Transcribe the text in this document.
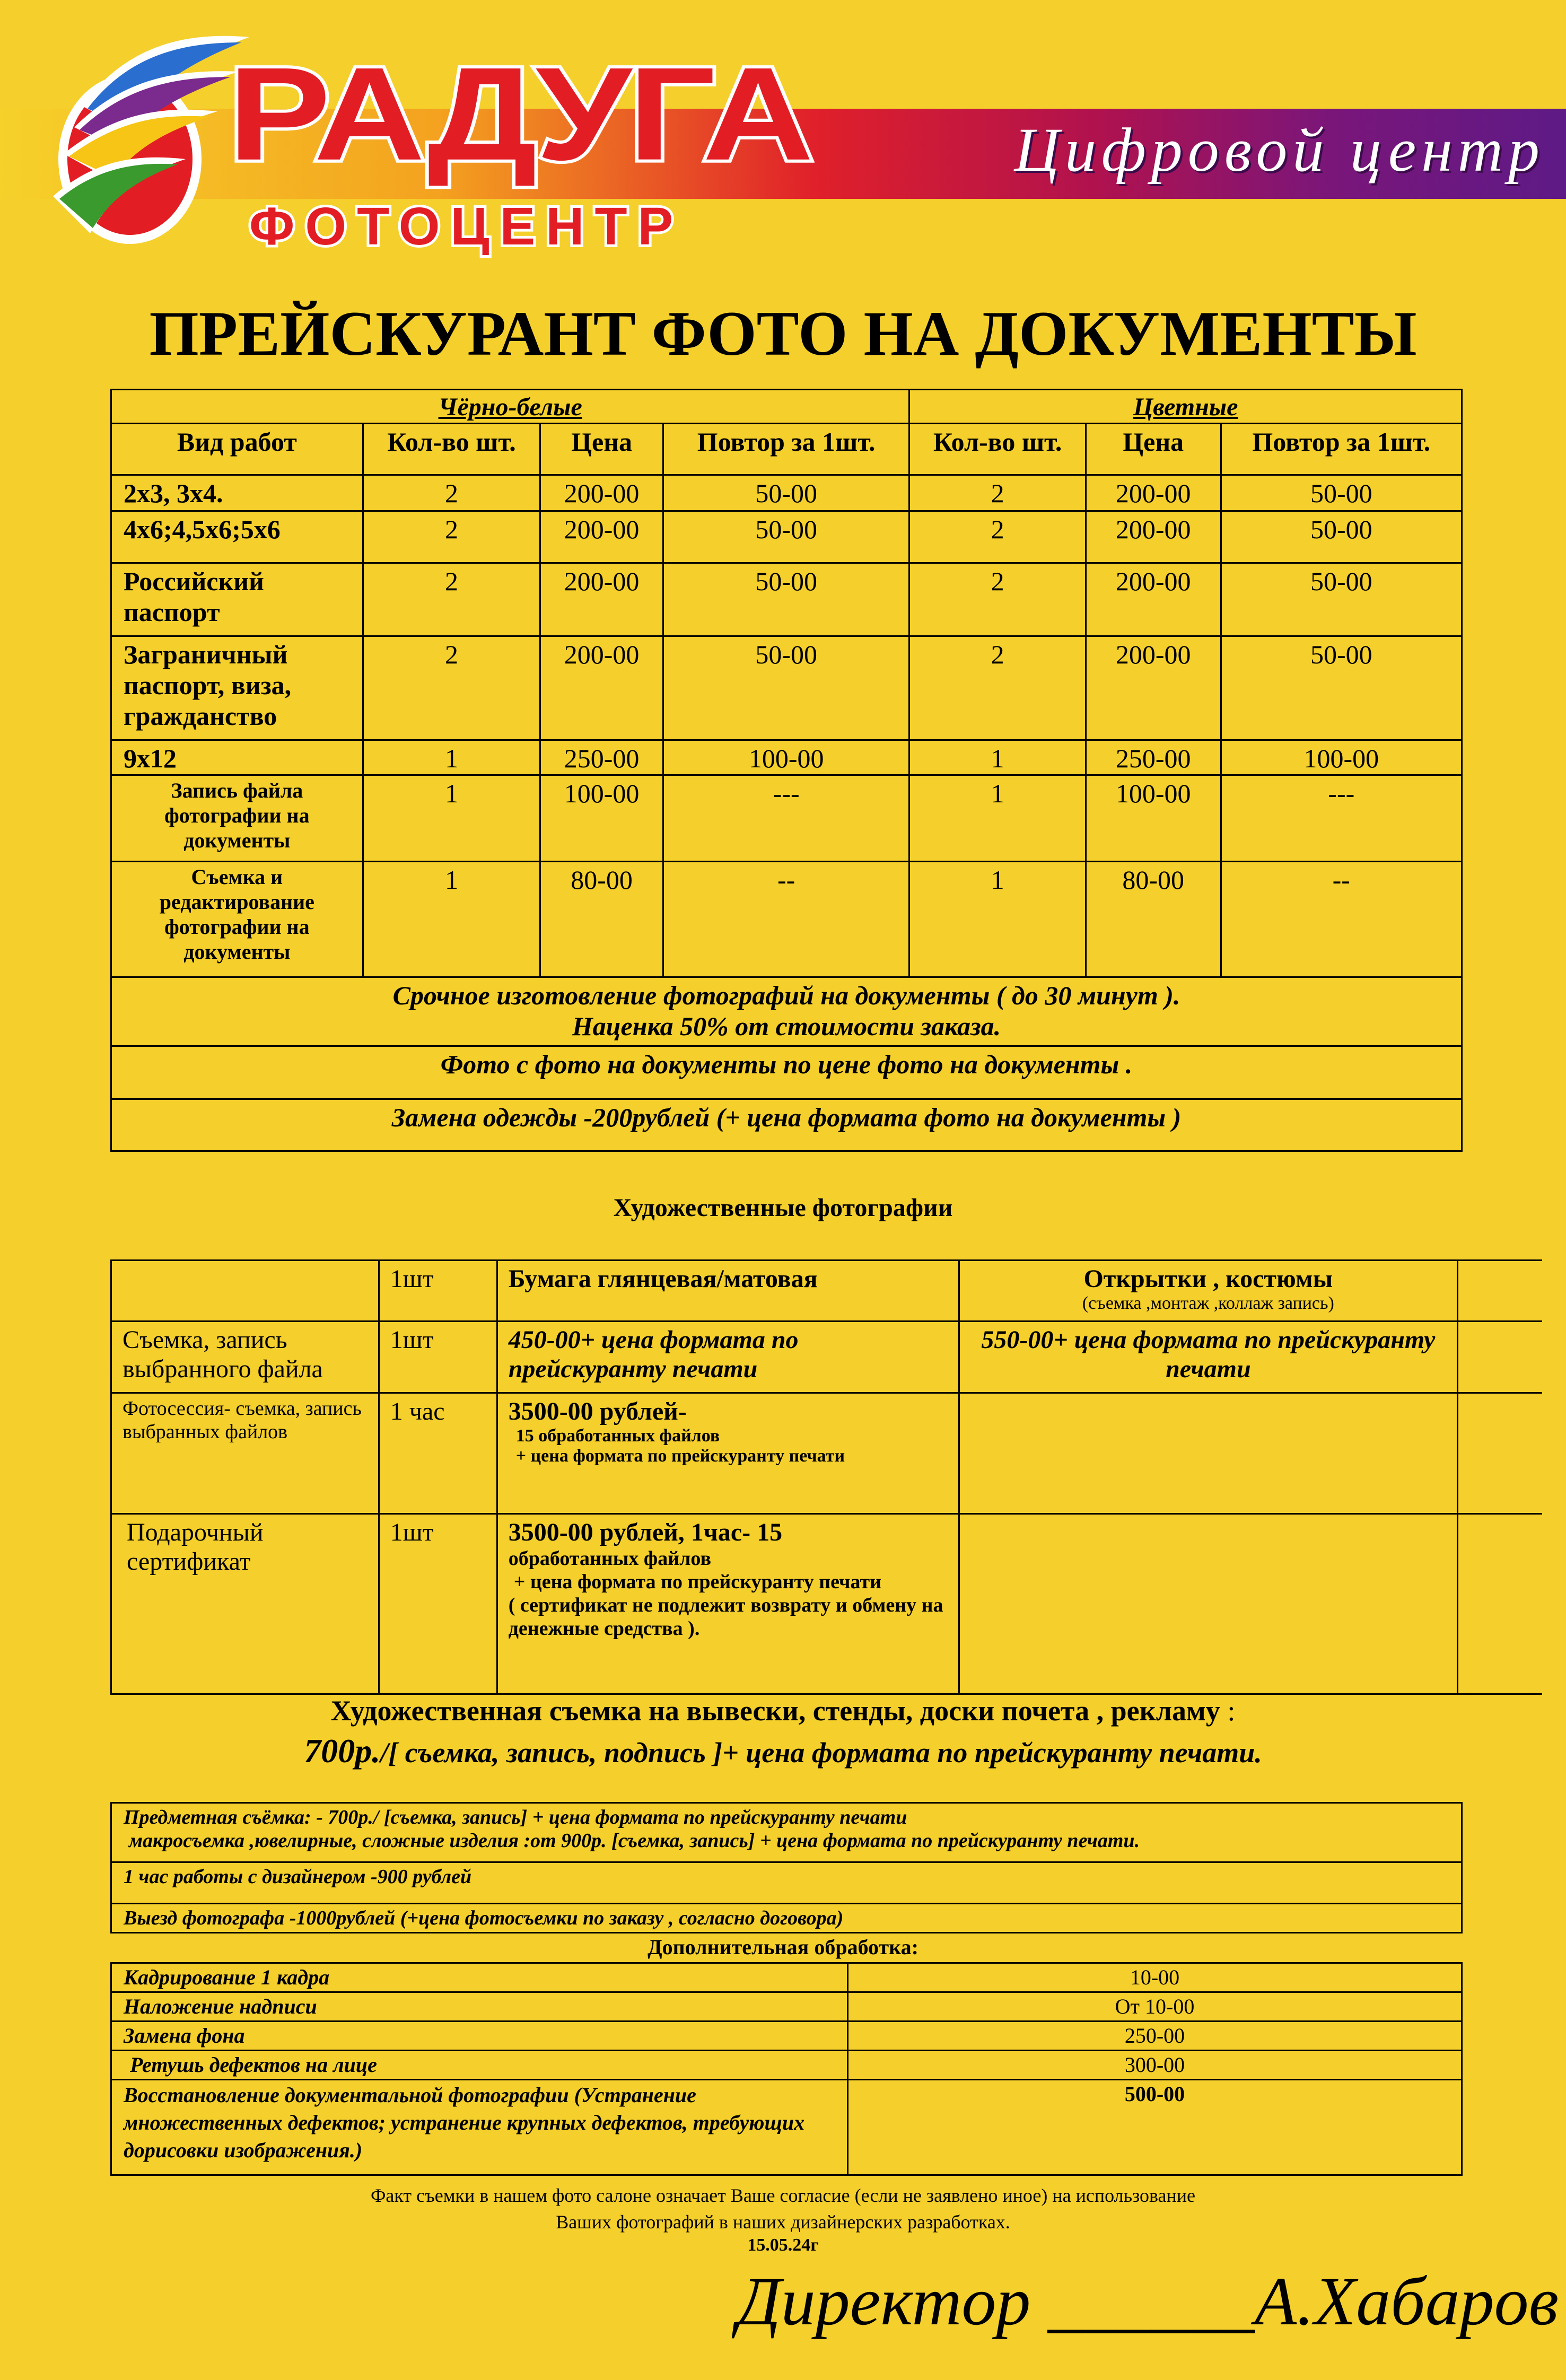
Цифровой центр
РАДУГА
ФОТОЦЕНТР
ПРЕЙСКУРАНТ ФОТО НА ДОКУМЕНТЫ
Чёрно-белые				Цветные		
Вид работ	Кол-во шт.	Цена	Повтор за 1шт.	Кол-во шт.	Цена	Повтор за 1шт.
2х3, 3х4.	2	200-00	50-00	2	200-00	50-00
4х6;4,5х6;5х6	2	200-00	50-00	2	200-00	50-00
Российский паспорт	2	200-00	50-00	2	200-00	50-00
Заграничный паспорт, виза, гражданство	2	200-00	50-00	2	200-00	50-00
9х12	1	250-00	100-00	1	250-00	100-00
Запись файла фотографии на документы	1	100-00	---	1	100-00	---
Съемка и редактирование фотографии на документы	1	80-00	--	1	80-00	--

Срочное изготовление фотографий на документы ( до 30 минут ).
Наценка 50% от стоимости заказа.						

Фото с фото на документы по цене фото на документы .						
Замена одежды -200рублей (+ цена формата фото на документы )						
Художественные фотографии
	1шт	Бумага глянцевая/матовая	Открытки , костюмы
(съемка ,монтаж ,коллаж запись)	

Съемка, запись выбранного файла	1шт	450-00+ цена формата по прейскуранту печати	550-00+ цена формата по прейскуранту печати	
Фотосессия- съемка, запись выбранных файлов	1 час	3500-00 рублей-
15 обработанных файлов
+ цена формата по прейскуранту печати		

Подарочный сертификат	1шт	3500-00 рублей, 1час- 15
обработанных файлов
+ цена формата по прейскуранту печати
( сертификат не подлежит возврату и обмену на денежные средства ).		

Художественная съемка на вывески, стенды, доски почета , рекламу :
700р./[ съемка, запись, подпись ]+ цена формата по прейскуранту печати.
Предметная съёмка: - 700р./ [съемка, запись] + цена формата по прейскуранту печати
макросъемка ,ювелирные, сложные изделия :от 900р. [съемка, запись] + цена формата по прейскуранту печати.

1 час работы с дизайнером -900 рублей
Выезд фотографа -1000рублей (+цена фотосъемки по заказу , согласно договора)
Дополнительная обработка:
Кадрирование 1 кадра	10-00
Наложение надписи	От 10-00
Замена фона	250-00
Ретушь дефектов на лице	300-00
Восстановление документальной фотографии (Устранение множественных дефектов; устранение крупных дефектов, требующих дорисовки изображения.)	500-00
Факт съемки в нашем фото салоне означает Ваше согласие (если не заявлено иное) на использование
Ваших фотографий в наших дизайнерских разработках.
15.05.24г
Директор ______А.Хабаров
